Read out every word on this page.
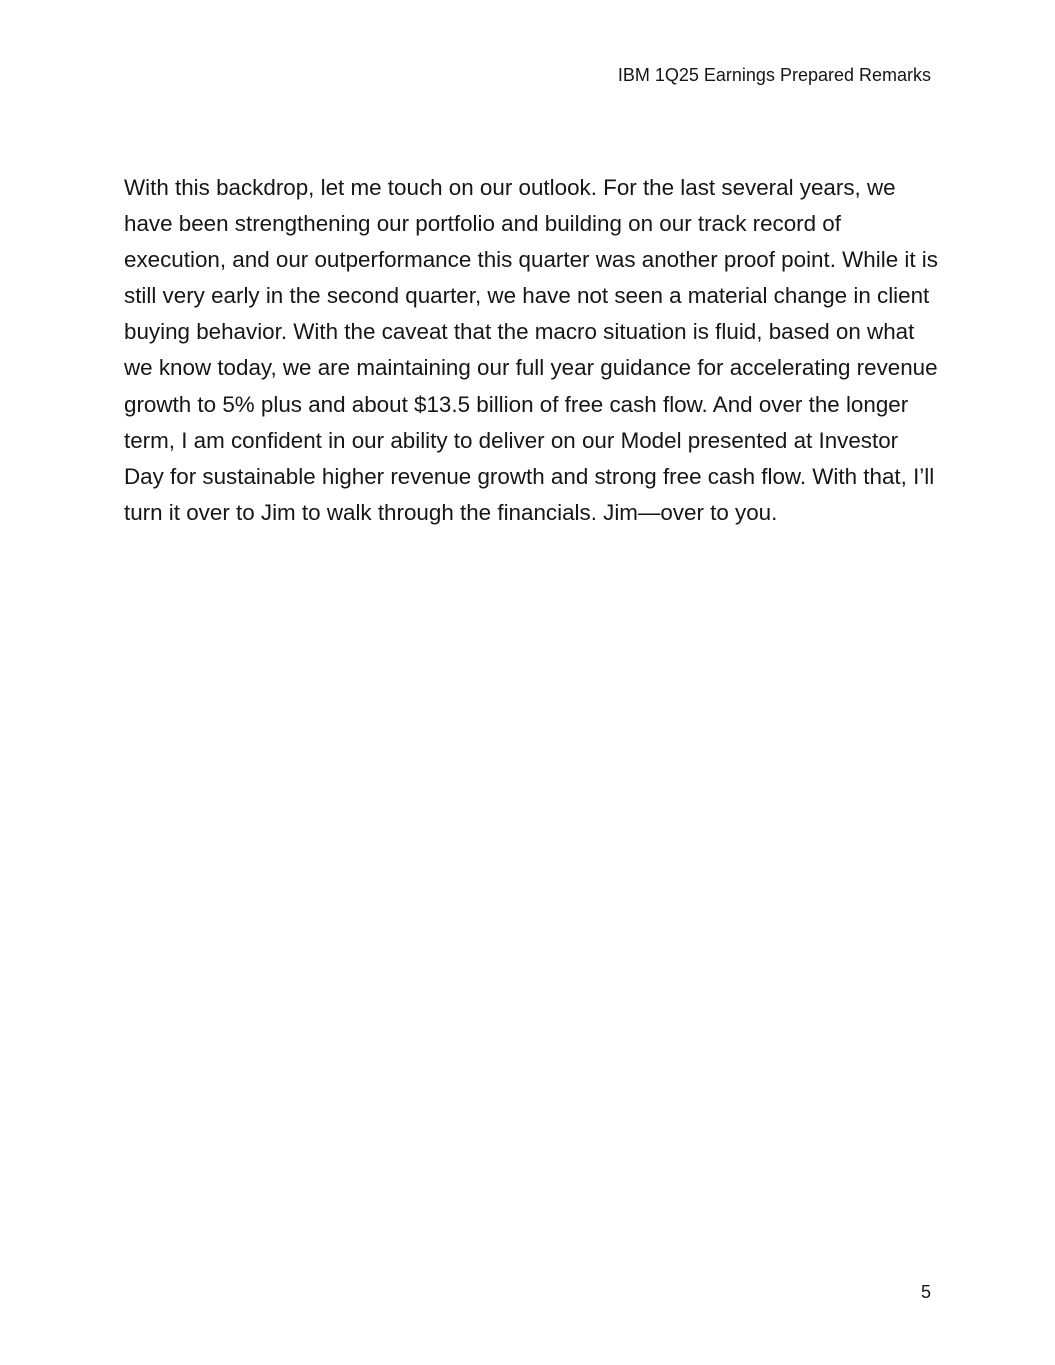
IBM 1Q25 Earnings Prepared Remarks

With this backdrop, let me touch on our outlook. For the last several years, we have been strengthening our portfolio and building on our track record of execution, and our outperformance this quarter was another proof point. While it is still very early in the second quarter, we have not seen a material change in client buying behavior. With the caveat that the macro situation is fluid, based on what we know today, we are maintaining our full year guidance for accelerating revenue growth to 5% plus and about $13.5 billion of free cash flow. And over the longer term, I am confident in our ability to deliver on our Model presented at Investor Day for sustainable higher revenue growth and strong free cash flow. With that, I’ll turn it over to Jim to walk through the financials. Jim—over to you.

5
